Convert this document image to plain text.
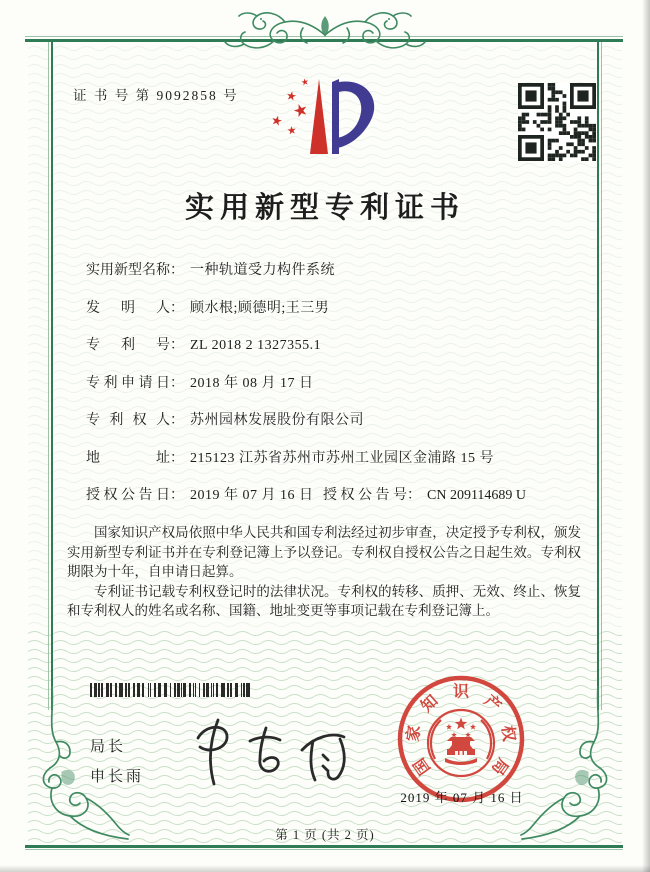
证 书 号 第 9092858 号
★
★
★
★
★
实用新型专利证书
实用新型名称： 一种轨道受力构件系统
发明人： 顾水根;顾德明;王三男
专利号： ZL 2018 2 1327355.1
专利申请日： 2018 年 08 月 17 日
专利权人： 苏州园林发展股份有限公司
地址： 215123 江苏省苏州市苏州工业园区金浦路 15 号
授权公告日： 2019 年 07 月 16 日 授权公告号： CN 209114689 U

国家知识产权局依照中华人民共和国专利法经过初步审查，决定授予专利权，颁发实用新型专利证书并在专利登记簿上予以登记。专利权自授权公告之日起生效。专利权期限为十年，自申请日起算。

专利证书记载专利权登记时的法律状况。专利权的转移、质押、无效、终止、恢复和专利权人的姓名或名称、国籍、地址变更等事项记载在专利登记簿上。

局长
申长雨	国
家
知
识
产
权
局
2019 年 07 月 16 日
第 1 页 (共 2 页)
